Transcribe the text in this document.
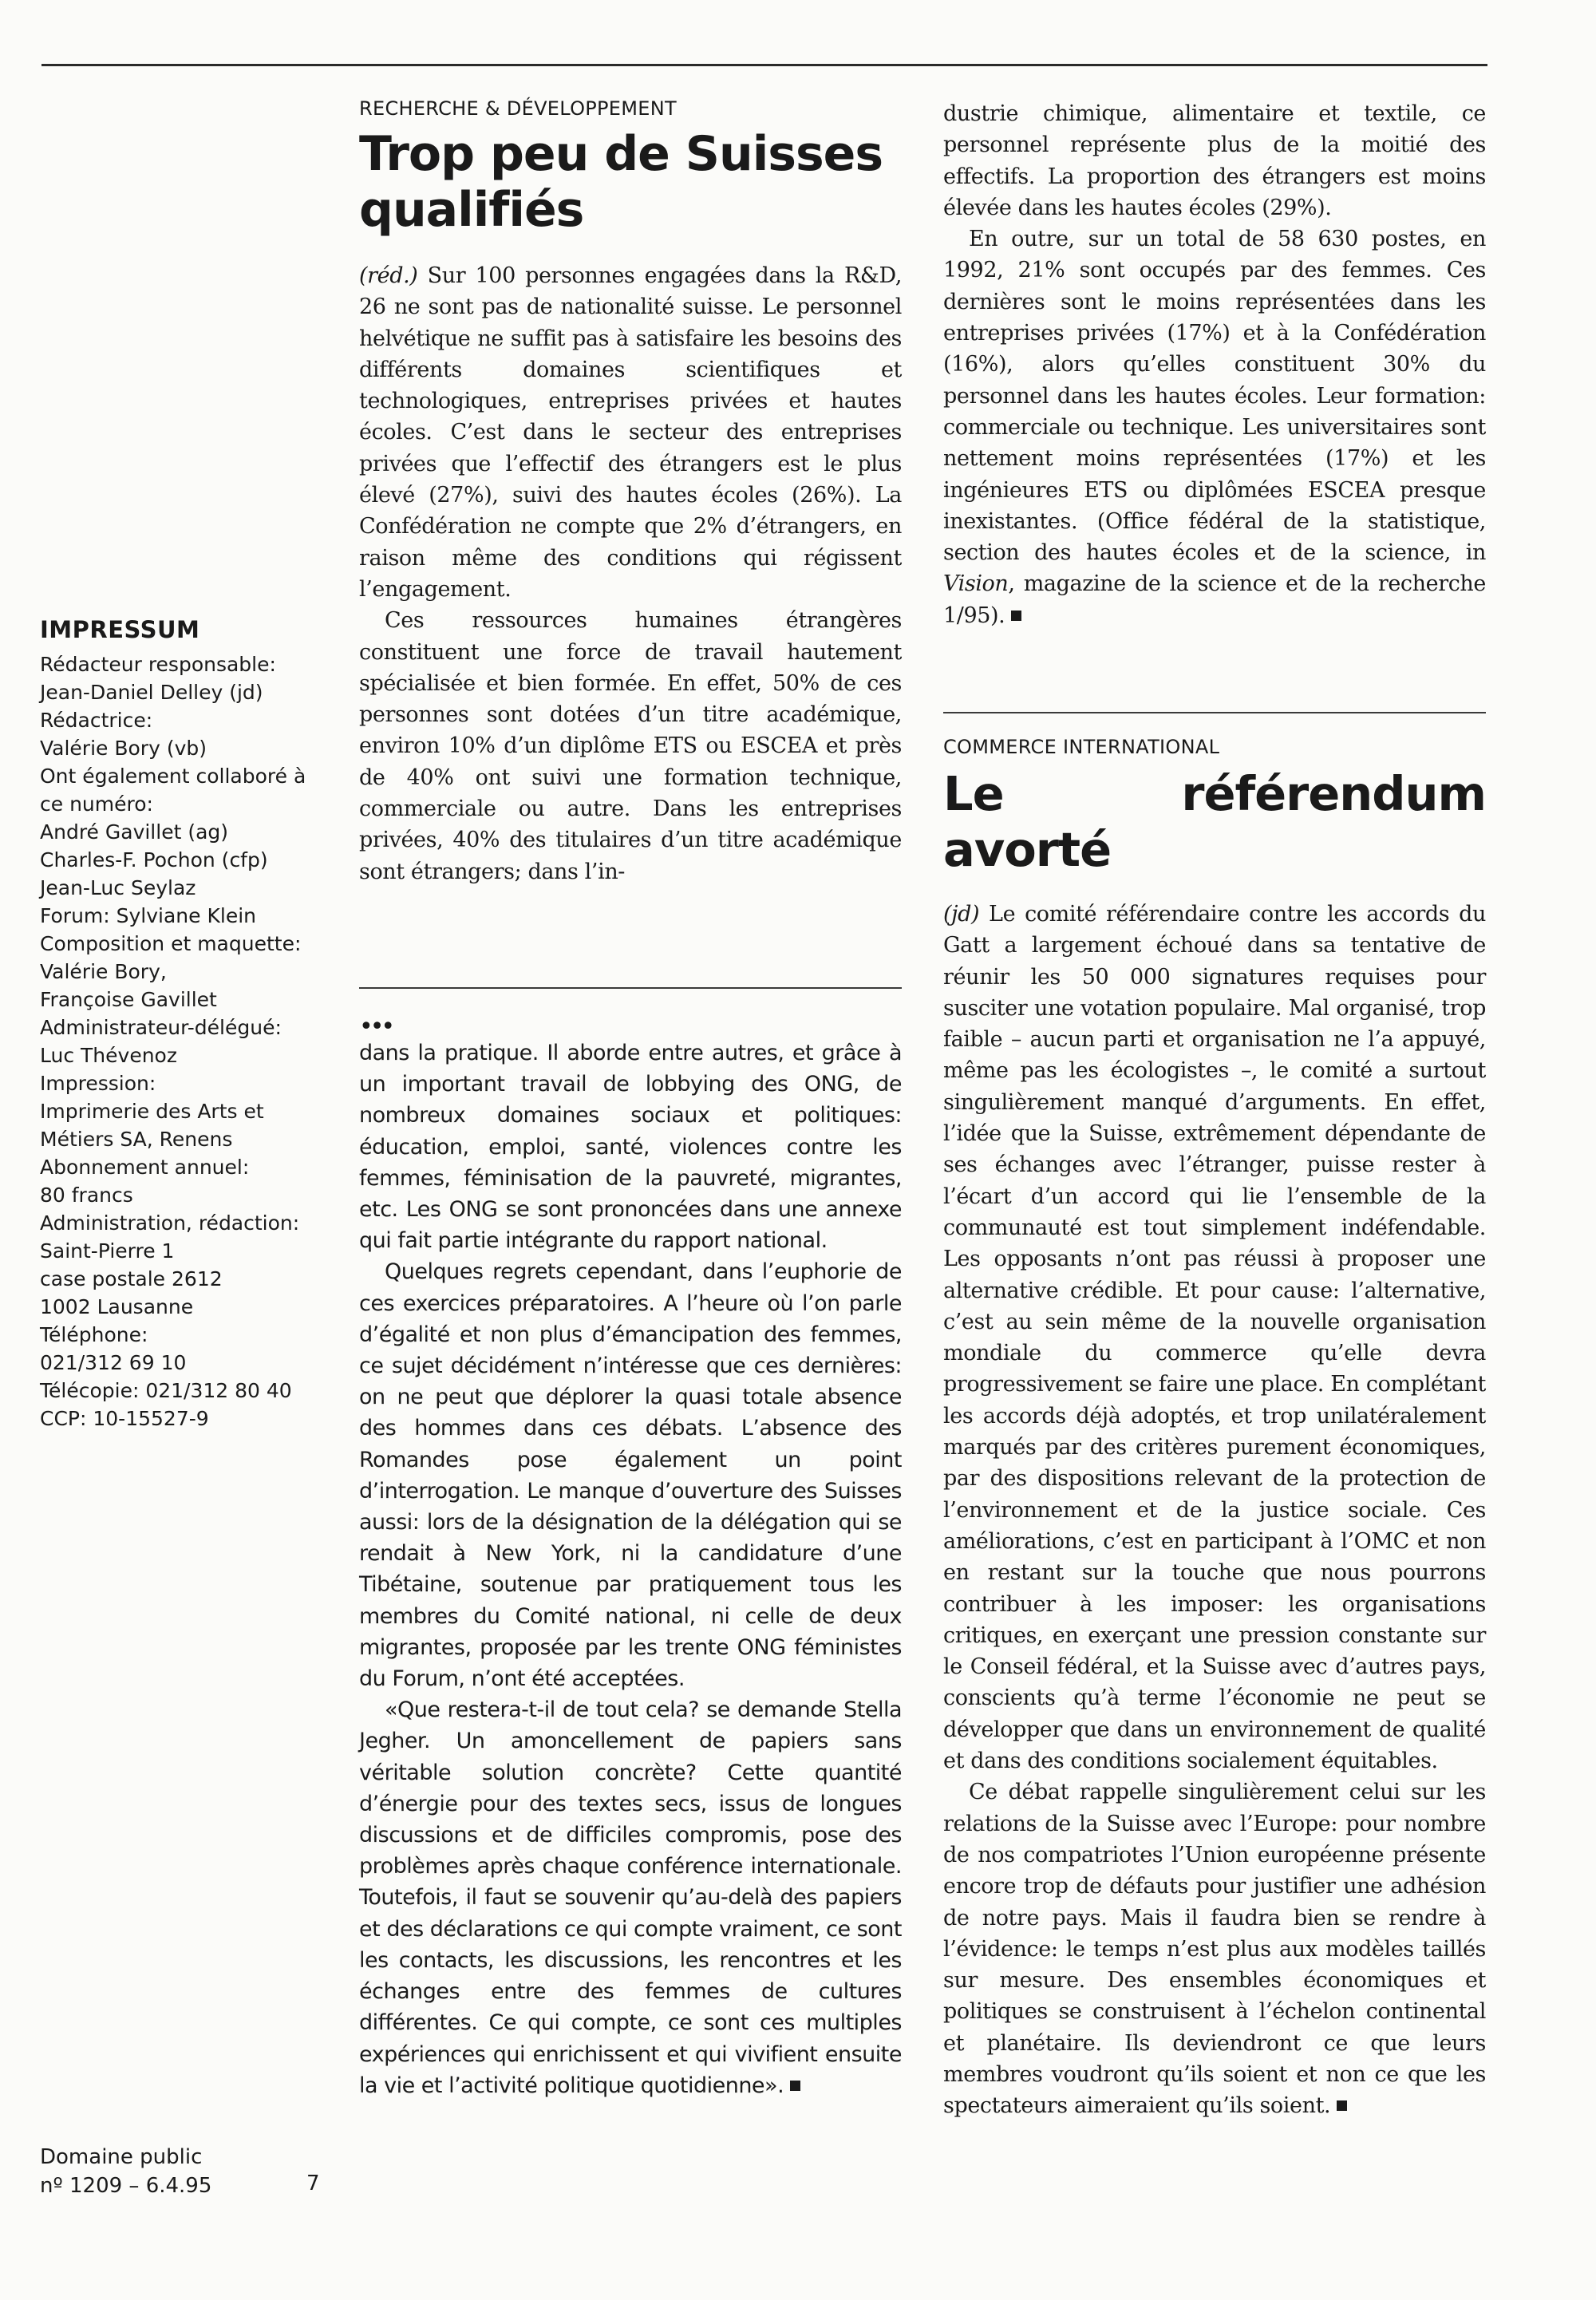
IMPRESSUM
Rédacteur responsable:
Jean-Daniel Delley (jd)
Rédactrice:
Valérie Bory (vb)
Ont également collaboré à
ce numéro:
André Gavillet (ag)
Charles-F. Pochon (cfp)
Jean-Luc Seylaz
Forum: Sylviane Klein
Composition et maquette:
Valérie Bory,
Françoise Gavillet
Administrateur-délégué:
Luc Thévenoz
Impression:
Imprimerie des Arts et
Métiers SA, Renens
Abonnement annuel:
80 francs
Administration, rédaction:
Saint-Pierre 1
case postale 2612
1002 Lausanne
Téléphone:
021/312 69 10
Télécopie: 021/312 80 40
CCP: 10-15527-9
Domaine public
nº 1209 – 6.4.95	7
RECHERCHE & DÉVELOPPEMENT
Trop peu de Suisses
qualifiés

(réd.) Sur 100 personnes engagées dans la R&D, 26 ne sont pas de nationalité suisse. Le personnel helvétique ne suffit pas à satisfaire les besoins des différents domaines scientifiques et technologiques, entreprises privées et hautes écoles. C’est dans le secteur des entreprises privées que l’effectif des étrangers est le plus élevé (27%), suivi des hautes écoles (26%). La Confédération ne compte que 2% d’étrangers, en raison même des conditions qui régissent l’engagement.

Ces ressources humaines étrangères constituent une force de travail hautement spécialisée et bien formée. En effet, 50% de ces personnes sont dotées d’un titre académique, environ 10% d’un diplôme ETS ou ESCEA et près de 40% ont suivi une formation technique, commerciale ou autre. Dans les entreprises privées, 40% des titulaires d’un titre académique sont étrangers; dans l’in-

•••

dans la pratique. Il aborde entre autres, et grâce à un important travail de lobbying des ONG, de nombreux domaines sociaux et politiques: éducation, emploi, santé, violences contre les femmes, féminisation de la pauvreté, migrantes, etc. Les ONG se sont prononcées dans une annexe qui fait partie intégrante du rapport national.

Quelques regrets cependant, dans l’euphorie de ces exercices préparatoires. A l’heure où l’on parle d’égalité et non plus d’émancipation des femmes, ce sujet décidément n’intéresse que ces dernières: on ne peut que déplorer la quasi totale absence des hommes dans ces débats. L’absence des Romandes pose également un point d’interrogation. Le manque d’ouverture des Suisses aussi: lors de la désignation de la délégation qui se rendait à New York, ni la candidature d’une Tibétaine, soutenue par pratiquement tous les membres du Comité national, ni celle de deux migrantes, proposée par les trente ONG féministes du Forum, n’ont été acceptées.

«Que restera-t-il de tout cela? se demande Stella Jegher. Un amoncellement de papiers sans véritable solution concrète? Cette quantité d’énergie pour des textes secs, issus de longues discussions et de difficiles compromis, pose des problèmes après chaque conférence internationale. Toutefois, il faut se souvenir qu’au-delà des papiers et des déclarations ce qui compte vraiment, ce sont les contacts, les discussions, les rencontres et les échanges entre des femmes de cultures différentes. Ce qui compte, ce sont ces multiples expériences qui enrichissent et qui vivifient ensuite la vie et l’activité politique quotidienne».

dustrie chimique, alimentaire et textile, ce personnel représente plus de la moitié des effectifs. La proportion des étrangers est moins élevée dans les hautes écoles (29%).

En outre, sur un total de 58 630 postes, en 1992, 21% sont occupés par des femmes. Ces dernières sont le moins représentées dans les entreprises privées (17%) et à la Confédération (16%), alors qu’elles constituent 30% du personnel dans les hautes écoles. Leur formation: commerciale ou technique. Les universitaires sont nettement moins représentées (17%) et les ingénieures ETS ou diplômées ESCEA presque inexistantes. (Office fédéral de la statistique, section des hautes écoles et de la science, in Vision, magazine de la science et de la recherche 1/95).

COMMERCE INTERNATIONAL
Le référendum avorté

(jd) Le comité référendaire contre les accords du Gatt a largement échoué dans sa tentative de réunir les 50 000 signatures requises pour susciter une votation populaire. Mal organisé, trop faible – aucun parti et organisation ne l’a appuyé, même pas les écologistes –, le comité a surtout singulièrement manqué d’arguments. En effet, l’idée que la Suisse, extrêmement dépendante de ses échanges avec l’étranger, puisse rester à l’écart d’un accord qui lie l’ensemble de la communauté est tout simplement indéfendable. Les opposants n’ont pas réussi à proposer une alternative crédible. Et pour cause: l’alternative, c’est au sein même de la nouvelle organisation mondiale du commerce qu’elle devra progressivement se faire une place. En complétant les accords déjà adoptés, et trop unilatéralement marqués par des critères purement économiques, par des dispositions relevant de la protection de l’environnement et de la justice sociale. Ces améliorations, c’est en participant à l’OMC et non en restant sur la touche que nous pourrons contribuer à les imposer: les organisations critiques, en exerçant une pression constante sur le Conseil fédéral, et la Suisse avec d’autres pays, conscients qu’à terme l’économie ne peut se développer que dans un environnement de qualité et dans des conditions socialement équitables.

Ce débat rappelle singulièrement celui sur les relations de la Suisse avec l’Europe: pour nombre de nos compatriotes l’Union européenne présente encore trop de défauts pour justifier une adhésion de notre pays. Mais il faudra bien se rendre à l’évidence: le temps n’est plus aux modèles taillés sur mesure. Des ensembles économiques et politiques se construisent à l’échelon continental et planétaire. Ils deviendront ce que leurs membres voudront qu’ils soient et non ce que les spectateurs aimeraient qu’ils soient.
